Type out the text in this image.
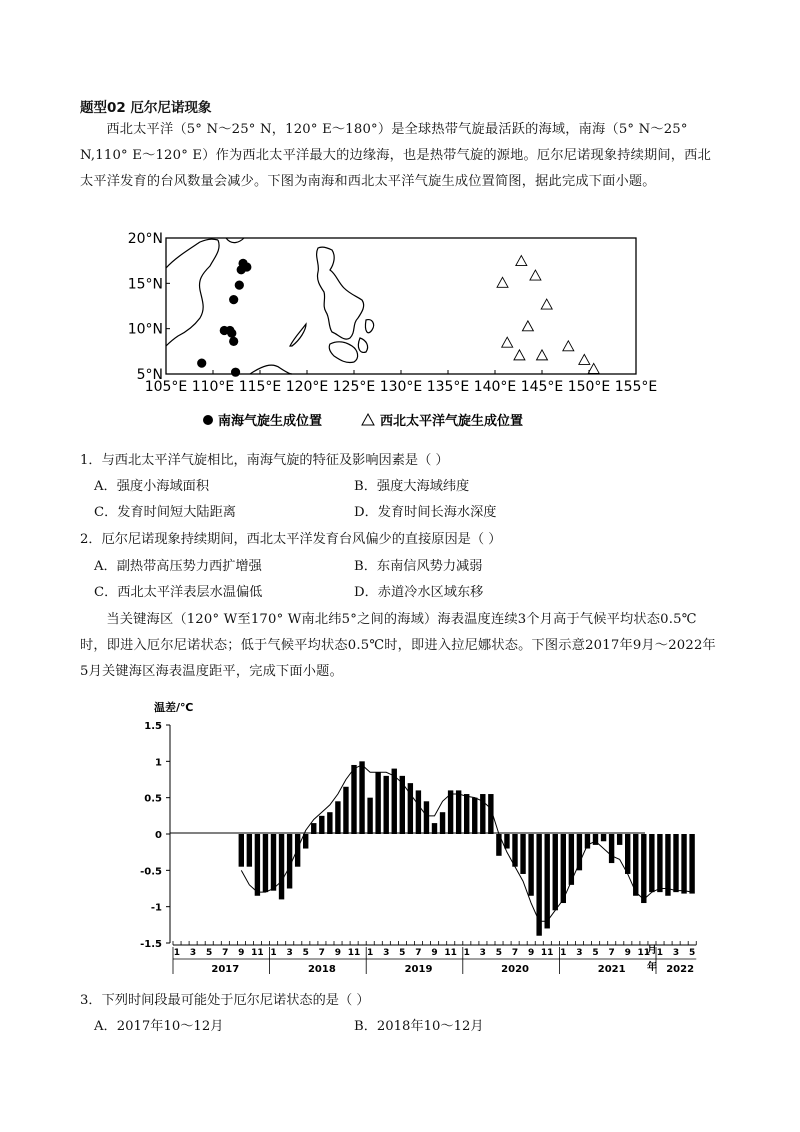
题型02 厄尔尼诺现象
西北太平洋（5° N～25° N，120° E～180°）是全球热带气旋最活跃的海域，南海（5° N～25° N,110° E～120° E）作为西北太平洋最大的边缘海，也是热带气旋的源地。厄尔尼诺现象持续期间，西北太平洋发育的台风数量会减少。下图为南海和西北太平洋气旋生成位置简图，据此完成下面小题。
20°N
15°N
10°N
5°N
105°E 110°E 115°E 120°E 125°E 130°E 135°E 140°E 145°E 150°E 155°E
南海气旋生成位置	西北太平洋气旋生成位置
1．与西北太平洋气旋相比，南海气旋的特征及影响因素是（ ）
A．强度小海域面积	B．强度大海域纬度
C．发育时间短大陆距离	D．发育时间长海水深度
2．厄尔尼诺现象持续期间，西北太平洋发育台风偏少的直接原因是（ ）
A．副热带高压势力西扩增强	B．东南信风势力减弱
C．西北太平洋表层水温偏低	D．赤道冷水区域东移
当关键海区（120° W至170° W南北纬5°之间的海域）海表温度连续3个月高于气候平均状态0.5℃时，即进入厄尔尼诺状态；低于气候平均状态0.5℃时，即进入拉尼娜状态。下图示意2017年9月～2022年5月关键海区海表温度距平，完成下面小题。
温差/℃
1.5
1
0.5
0
-0.5
-1
-1.5
1 3 5 7 9 11 1 3 5 7 9 11 1 3 5 7 9 11 1 3 5 7 9 11 1 3 5 7 9 11 1 3 5
2017	2018	2019	2020	2021	2022
月
年
3．下列时间段最可能处于厄尔尼诺状态的是（ ）
A．2017年10～12月	B．2018年10～12月
